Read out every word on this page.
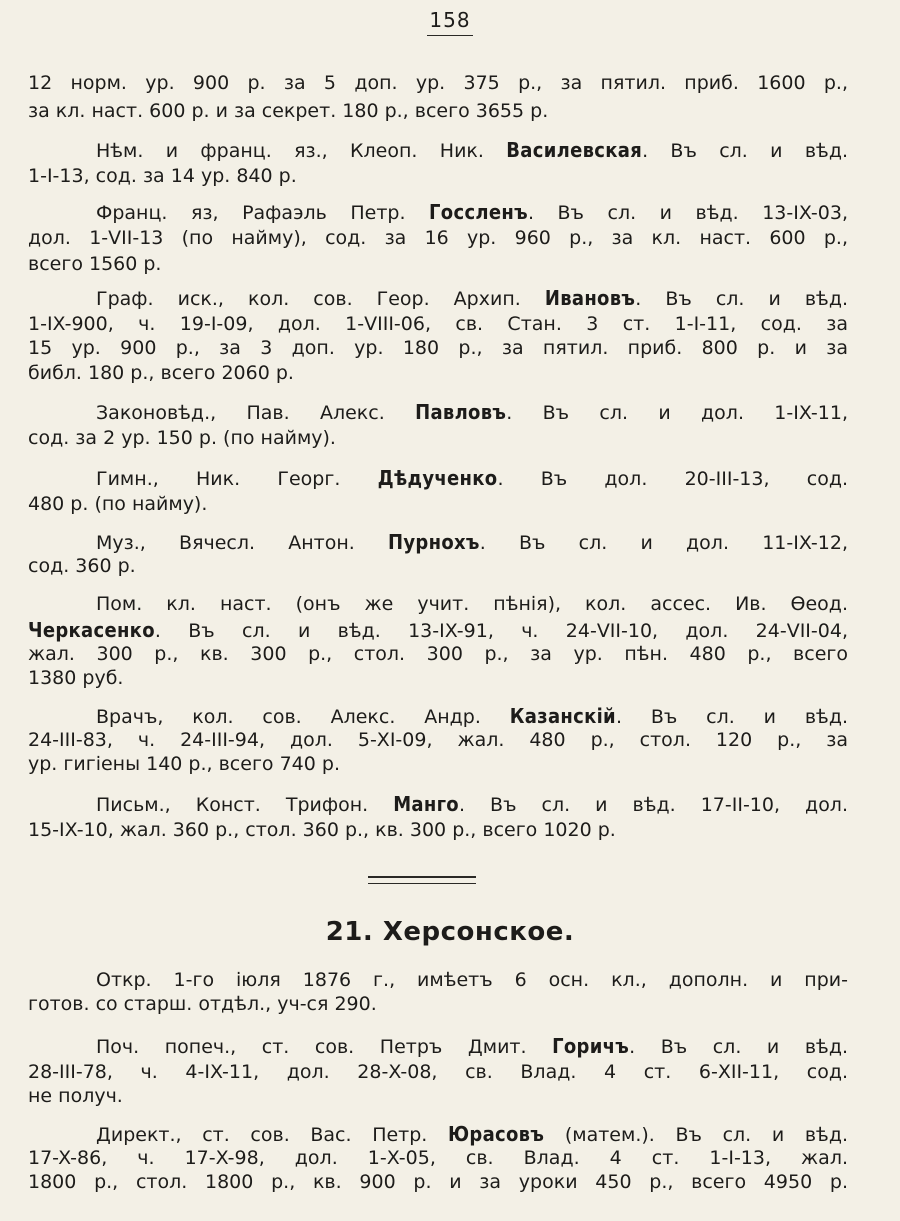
158
12 норм. ур. 900 р. за 5 доп. ур. 375 р., за пятил. приб. 1600 р.,
за кл. наст. 600 р. и за секрет. 180 р., всего 3655 р.
Нѣм. и франц. яз., Клеоп. Ник. Василевская. Въ сл. и вѣд.
1-I-13, сод. за 14 ур. 840 р.
Франц. яз, Рафаэль Петр. Госсленъ. Въ сл. и вѣд. 13-IX-03,
дол. 1-VII-13 (по найму), сод. за 16 ур. 960 р., за кл. наст. 600 р.,
всего 1560 р.
Граф. иск., кол. сов. Геор. Архип. Ивановъ. Въ сл. и вѣд.
1-IX-900, ч. 19-I-09, дол. 1-VIII-06, св. Стан. 3 ст. 1-I-11, сод. за
15 ур. 900 р., за 3 доп. ур. 180 р., за пятил. приб. 800 р. и за
библ. 180 р., всего 2060 р.
Законовѣд., Пав. Алекс. Павловъ. Въ сл. и дол. 1-IX-11,
сод. за 2 ур. 150 р. (по найму).
Гимн., Ник. Георг. Дѣдученко. Въ дол. 20-III-13, сод.
480 р. (по найму).
Муз., Вячесл. Антон. Пурнохъ. Въ сл. и дол. 11-IX-12,
сод. 360 р.
Пом. кл. наст. (онъ же учит. пѣнія), кол. ассес. Ив. Өеод.
Черкасенко. Въ сл. и вѣд. 13-IX-91, ч. 24-VII-10, дол. 24-VII-04,
жал. 300 р., кв. 300 р., стол. 300 р., за ур. пѣн. 480 р., всего
1380 руб.
Врачъ, кол. сов. Алекс. Андр. Казанскій. Въ сл. и вѣд.
24-III-83, ч. 24-III-94, дол. 5-XI-09, жал. 480 р., стол. 120 р., за
ур. гигіены 140 р., всего 740 р.
Письм., Конст. Трифон. Манго. Въ сл. и вѣд. 17-II-10, дол.
15-IX-10, жал. 360 р., стол. 360 р., кв. 300 р., всего 1020 р.
21. Херсонское.
Откр. 1-го іюля 1876 г., имѣетъ 6 осн. кл., дополн. и при-
готов. со старш. отдѣл., уч-ся 290.
Поч. попеч., ст. сов. Петръ Дмит. Горичъ. Въ сл. и вѣд.
28-III-78, ч. 4-IX-11, дол. 28-X-08, св. Влад. 4 ст. 6-XII-11, сод.
не получ.
Директ., ст. сов. Вас. Петр. Юрасовъ (матем.). Въ сл. и вѣд.
17-X-86, ч. 17-X-98, дол. 1-X-05, св. Влад. 4 ст. 1-I-13, жал.
1800 р., стол. 1800 р., кв. 900 р. и за уроки 450 р., всего 4950 р.
